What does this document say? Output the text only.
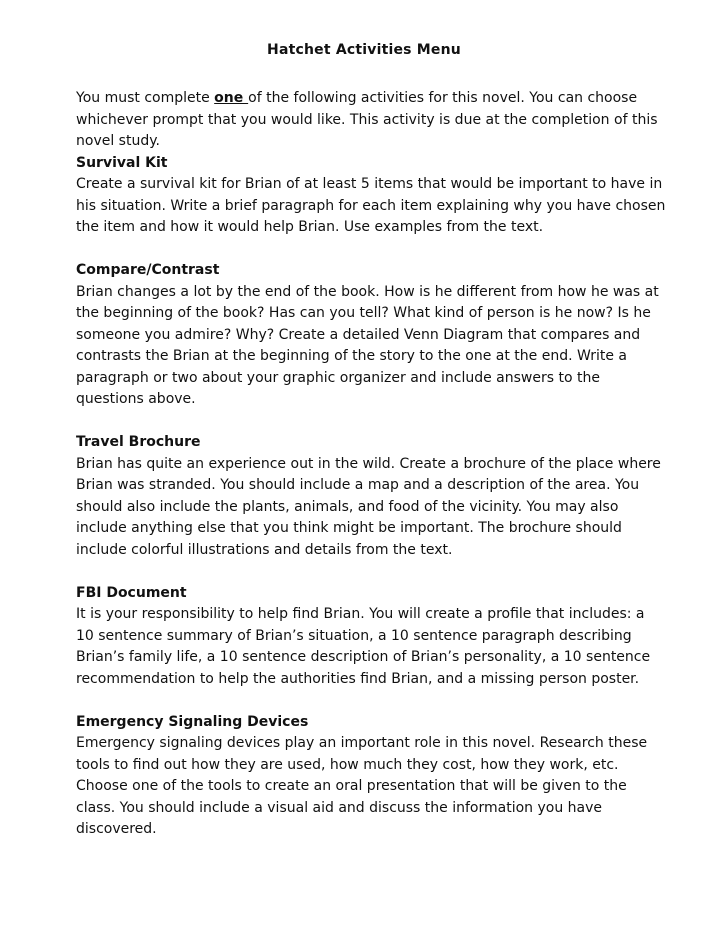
Hatchet Activities Menu

You must complete one of the following activities for this novel. You can choose whichever prompt that you would like. This activity is due at the completion of this novel study.

Survival Kit

Create a survival kit for Brian of at least 5 items that would be important to have in his situation. Write a brief paragraph for each item explaining why you have chosen the item and how it would help Brian. Use examples from the text.

Compare/Contrast

Brian changes a lot by the end of the book. How is he different from how he was at the beginning of the book? Has can you tell? What kind of person is he now? Is he someone you admire? Why? Create a detailed Venn Diagram that compares and contrasts the Brian at the beginning of the story to the one at the end. Write a paragraph or two about your graphic organizer and include answers to the questions above.

Travel Brochure

Brian has quite an experience out in the wild. Create a brochure of the place where Brian was stranded. You should include a map and a description of the area. You should also include the plants, animals, and food of the vicinity. You may also include anything else that you think might be important. The brochure should include colorful illustrations and details from the text.

FBI Document

It is your responsibility to help find Brian. You will create a profile that includes: a 10 sentence summary of Brian’s situation, a 10 sentence paragraph describing Brian’s family life, a 10 sentence description of Brian’s personality, a 10 sentence recommendation to help the authorities find Brian, and a missing person poster.

Emergency Signaling Devices

Emergency signaling devices play an important role in this novel. Research these tools to find out how they are used, how much they cost, how they work, etc. Choose one of the tools to create an oral presentation that will be given to the class. You should include a visual aid and discuss the information you have discovered.
